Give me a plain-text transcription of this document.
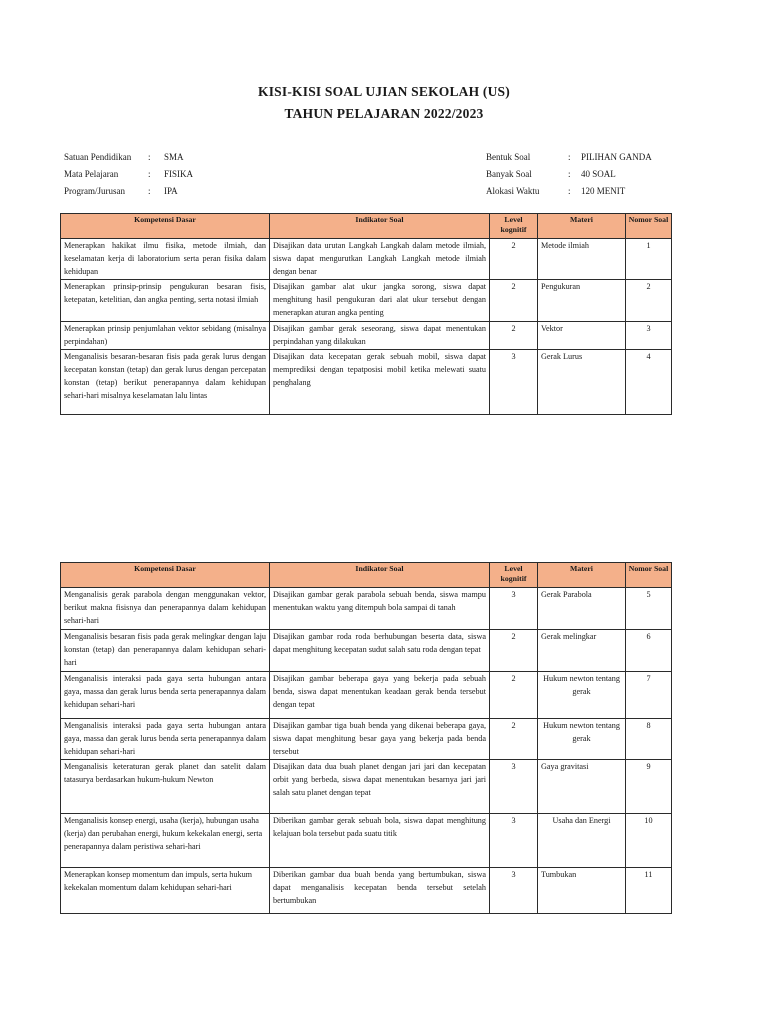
KISI-KISI SOAL UJIAN SEKOLAH (US)
TAHUN PELAJARAN 2022/2023
Satuan Pendidikan : SMA
Mata Pelajaran	: FISIKA
Program/Jurusan	: IPA
Bentuk Soal	: PILIHAN GANDA
Banyak Soal	: 40 SOAL
Alokasi Waktu	: 120 MENIT
Kompetensi Dasar	Indikator Soal	Level kognitif	Materi	Nomor Soal
Menerapkan hakikat ilmu fisika, metode ilmiah, dan keselamatan kerja di laboratorium serta peran fisika dalam kehidupan	Disajikan data urutan Langkah Langkah dalam metode ilmiah, siswa dapat mengurutkan Langkah Langkah metode ilmiah dengan benar	2	Metode ilmiah	1
Menerapkan prinsip-prinsip pengukuran besaran fisis, ketepatan, ketelitian, dan angka penting, serta notasi ilmiah	Disajikan gambar alat ukur jangka sorong, siswa dapat menghitung hasil pengukuran dari alat ukur tersebut dengan menerapkan aturan angka penting	2	Pengukuran	2
Menerapkan prinsip penjumlahan vektor sebidang (misalnya perpindahan)	Disajikan gambar gerak seseorang, siswa dapat menentukan perpindahan yang dilakukan	2	Vektor	3
Menganalisis besaran-besaran fisis pada gerak lurus dengan kecepatan konstan (tetap) dan gerak lurus dengan percepatan konstan (tetap) berikut penerapannya dalam kehidupan sehari-hari misalnya keselamatan lalu lintas	Disajikan data kecepatan gerak sebuah mobil, siswa dapat memprediksi dengan tepatposisi mobil ketika melewati suatu penghalang	3	Gerak Lurus	4
Kompetensi Dasar	Indikator Soal	Level kognitif	Materi	Nomor Soal
Menganalisis gerak parabola dengan menggunakan vektor, berikut makna fisisnya dan penerapannya dalam kehidupan sehari-hari	Disajikan gambar gerak parabola sebuah benda, siswa mampu menentukan waktu yang ditempuh bola sampai di tanah	3	Gerak Parabola	5
Menganalisis besaran fisis pada gerak melingkar dengan laju konstan (tetap) dan penerapannya dalam kehidupan sehari-hari	Disajikan gambar roda roda berhubungan beserta data, siswa dapat menghitung kecepatan sudut salah satu roda dengan tepat	2	Gerak melingkar	6
Menganalisis interaksi pada gaya serta hubungan antara gaya, massa dan gerak lurus benda serta penerapannya dalam kehidupan sehari-hari	Disajikan gambar beberapa gaya yang bekerja pada sebuah benda, siswa dapat menentukan keadaan gerak benda tersebut dengan tepat	2	Hukum newton tentang gerak	7
Menganalisis interaksi pada gaya serta hubungan antara gaya, massa dan gerak lurus benda serta penerapannya dalam kehidupan sehari-hari	Disajikan gambar tiga buah benda yang dikenai beberapa gaya, siswa dapat menghitung besar gaya yang bekerja pada benda tersebut	2	Hukum newton tentang gerak	8
Menganalisis keteraturan gerak planet dan satelit dalam tatasurya berdasarkan hukum-hukum Newton	Disajikan data dua buah planet dengan jari jari dan kecepatan orbit yang berbeda, siswa dapat menentukan besarnya jari jari salah satu planet dengan tepat	3	Gaya gravitasi	9
Menganalisis konsep energi, usaha (kerja), hubungan usaha (kerja) dan perubahan energi, hukum kekekalan energi, serta penerapannya dalam peristiwa sehari-hari	Diberikan gambar gerak sebuah bola, siswa dapat menghitung kelajuan bola tersebut pada suatu titik	3	Usaha dan Energi	10
Menerapkan konsep momentum dan impuls, serta hukum kekekalan momentum dalam kehidupan sehari-hari	Diberikan gambar dua buah benda yang bertumbukan, siswa dapat menganalisis kecepatan benda tersebut setelah bertumbukan	3	Tumbukan	11
